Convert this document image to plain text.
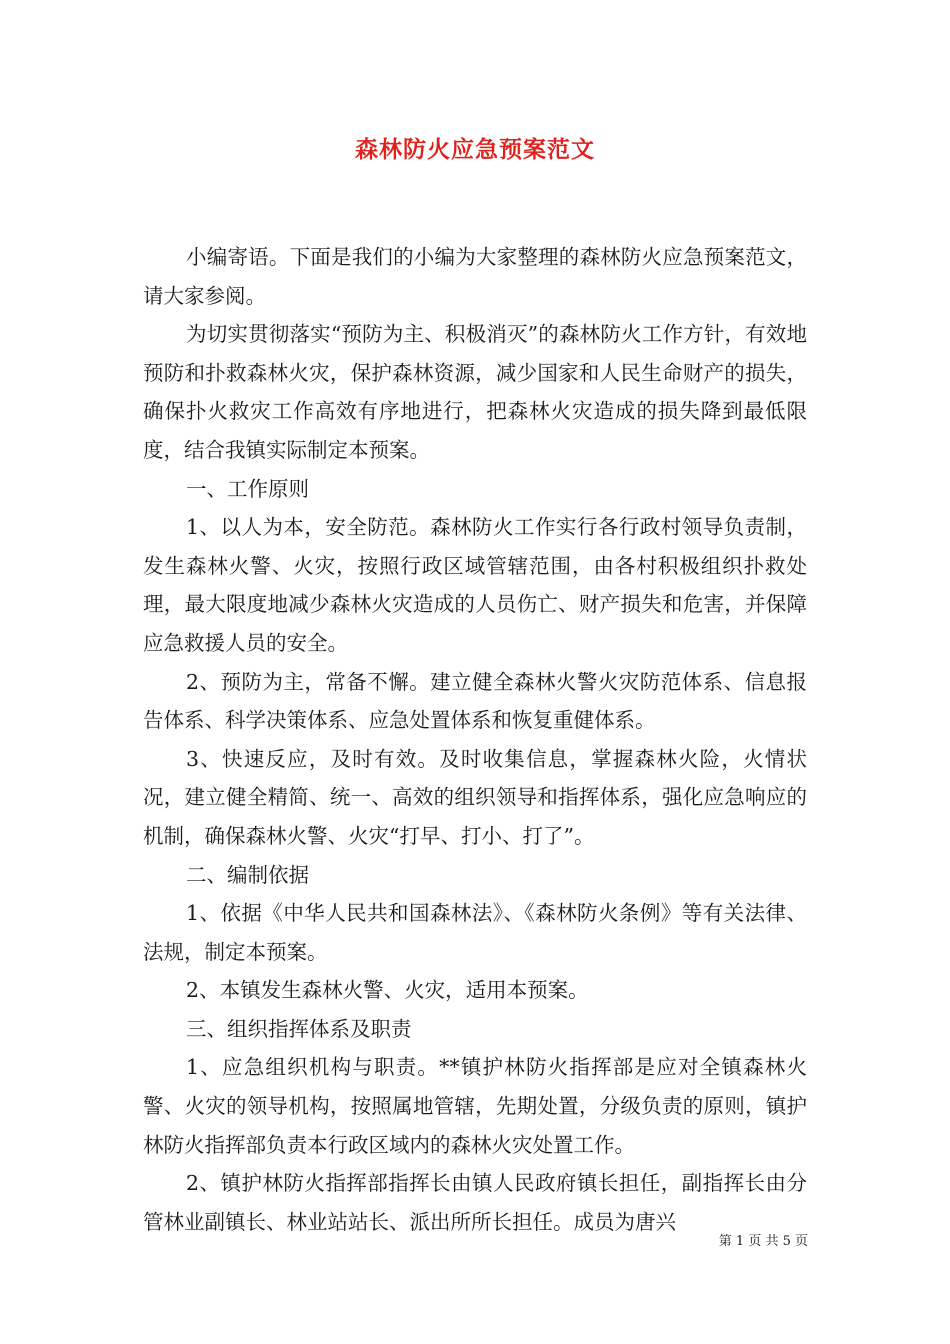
森林防火应急预案范文

小编寄语。下面是我们的小编为大家整理的森林防火应急预案范文，请大家参阅。

为切实贯彻落实“预防为主、积极消灭”的森林防火工作方针，有效地预防和扑救森林火灾，保护森林资源，减少国家和人民生命财产的损失，确保扑火救灾工作高效有序地进行，把森林火灾造成的损失降到最低限度，结合我镇实际制定本预案。

一、工作原则

1、以人为本，安全防范。森林防火工作实行各行政村领导负责制，发生森林火警、火灾，按照行政区域管辖范围，由各村积极组织扑救处理，最大限度地减少森林火灾造成的人员伤亡、财产损失和危害，并保障应急救援人员的安全。

2、预防为主，常备不懈。建立健全森林火警火灾防范体系、信息报告体系、科学决策体系、应急处置体系和恢复重健体系。

3、快速反应，及时有效。及时收集信息，掌握森林火险，火情状况，建立健全精简、统一、高效的组织领导和指挥体系，强化应急响应的机制，确保森林火警、火灾“打早、打小、打了”。

二、编制依据

1、依据《中华人民共和国森林法》、《森林防火条例》等有关法律、法规，制定本预案。

2、本镇发生森林火警、火灾，适用本预案。

三、组织指挥体系及职责

1、应急组织机构与职责。**镇护林防火指挥部是应对全镇森林火警、火灾的领导机构，按照属地管辖，先期处置，分级负责的原则，镇护林防火指挥部负责本行政区域内的森林火灾处置工作。

2、镇护林防火指挥部指挥长由镇人民政府镇长担任，副指挥长由分管林业副镇长、林业站站长、派出所所长担任。成员为唐兴

第 1 页 共 5 页
